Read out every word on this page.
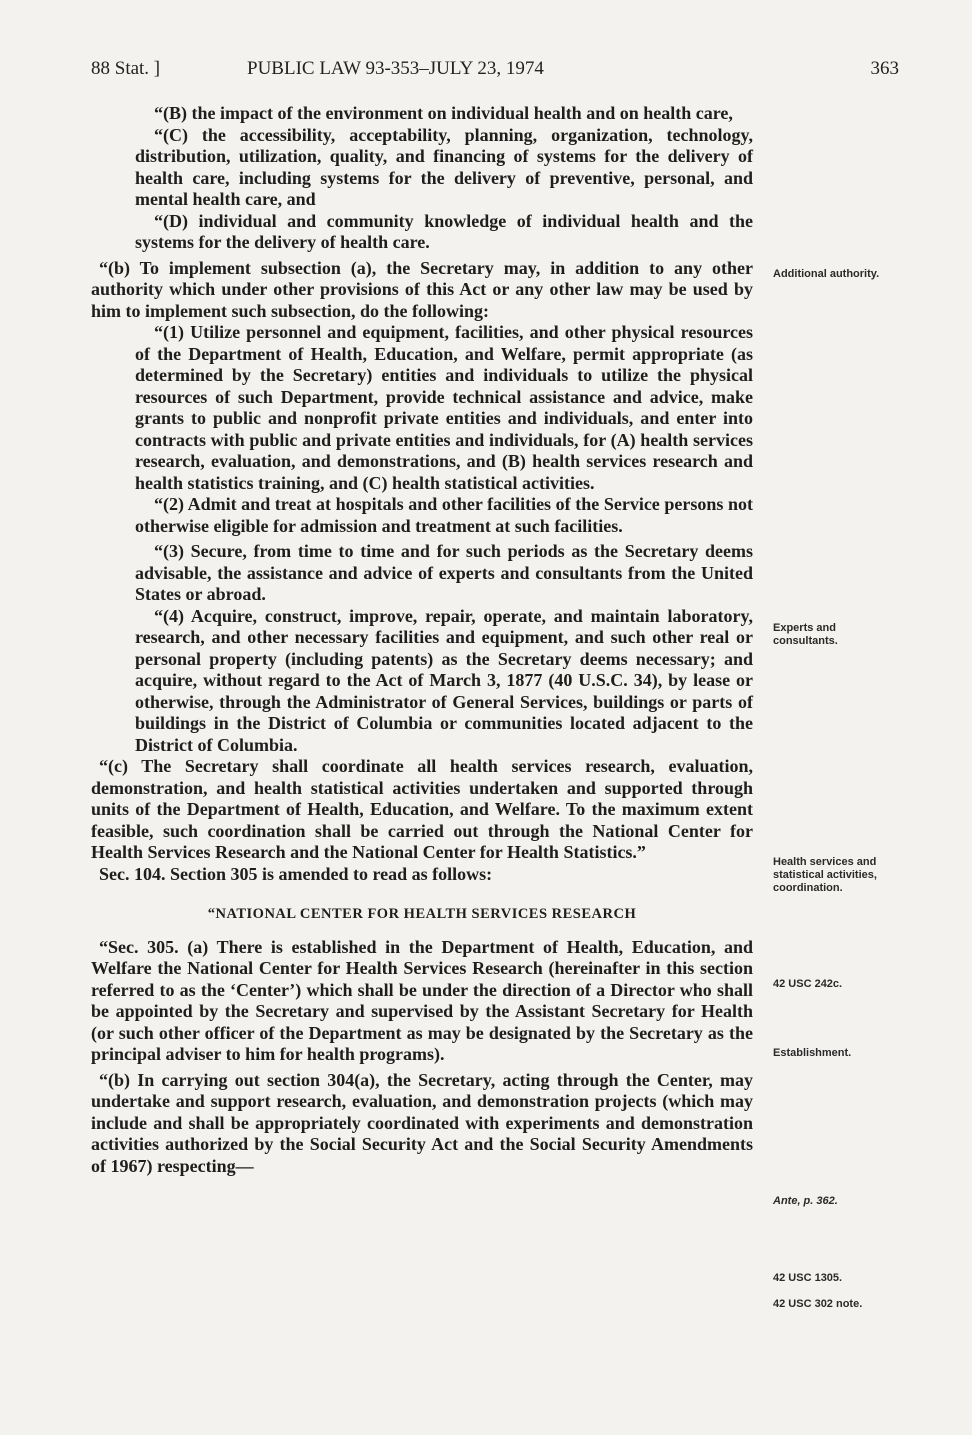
88 Stat. ]	PUBLIC LAW 93-353–JULY 23, 1974	363

“(B) the impact of the environment on individual health and on health care,

“(C) the accessibility, acceptability, planning, organization, technology, distribution, utilization, quality, and financing of systems for the delivery of health care, including systems for the delivery of preventive, personal, and mental health care, and

“(D) individual and community knowledge of individual health and the systems for the delivery of health care.

“(b) To implement subsection (a), the Secretary may, in addition to any other authority which under other provisions of this Act or any other law may be used by him to implement such subsection, do the following:

“(1) Utilize personnel and equipment, facilities, and other physical resources of the Department of Health, Education, and Welfare, permit appropriate (as determined by the Secretary) entities and individuals to utilize the physical resources of such Department, provide technical assistance and advice, make grants to public and nonprofit private entities and individuals, and enter into contracts with public and private entities and individuals, for (A) health services research, evaluation, and demonstrations, and (B) health services research and health statistics training, and (C) health statistical activities.

“(2) Admit and treat at hospitals and other facilities of the Service persons not otherwise eligible for admission and treatment at such facilities.

“(3) Secure, from time to time and for such periods as the Secretary deems advisable, the assistance and advice of experts and consultants from the United States or abroad.

“(4) Acquire, construct, improve, repair, operate, and maintain laboratory, research, and other necessary facilities and equipment, and such other real or personal property (including patents) as the Secretary deems necessary; and acquire, without regard to the Act of March 3, 1877 (40 U.S.C. 34), by lease or otherwise, through the Administrator of General Services, buildings or parts of buildings in the District of Columbia or communities located adjacent to the District of Columbia.

“(c) The Secretary shall coordinate all health services research, evaluation, demonstration, and health statistical activities undertaken and supported through units of the Department of Health, Education, and Welfare. To the maximum extent feasible, such coordination shall be carried out through the National Center for Health Services Research and the National Center for Health Statistics.”

Sec. 104. Section 305 is amended to read as follows:

“NATIONAL CENTER FOR HEALTH SERVICES RESEARCH

“Sec. 305. (a) There is established in the Department of Health, Education, and Welfare the National Center for Health Services Research (hereinafter in this section referred to as the ‘Center’) which shall be under the direction of a Director who shall be appointed by the Secretary and supervised by the Assistant Secretary for Health (or such other officer of the Department as may be designated by the Secretary as the principal adviser to him for health programs).

“(b) In carrying out section 304(a), the Secretary, acting through the Center, may undertake and support research, evaluation, and demonstration projects (which may include and shall be appropriately coordinated with experiments and demonstration activities authorized by the Social Security Act and the Social Security Amendments of 1967) respecting—

Additional authority.
Experts and consultants.
Health services and statistical activities, coordination.
42 USC 242c.
Establishment.
Ante, p. 362.
42 USC 1305.
42 USC 302 note.
